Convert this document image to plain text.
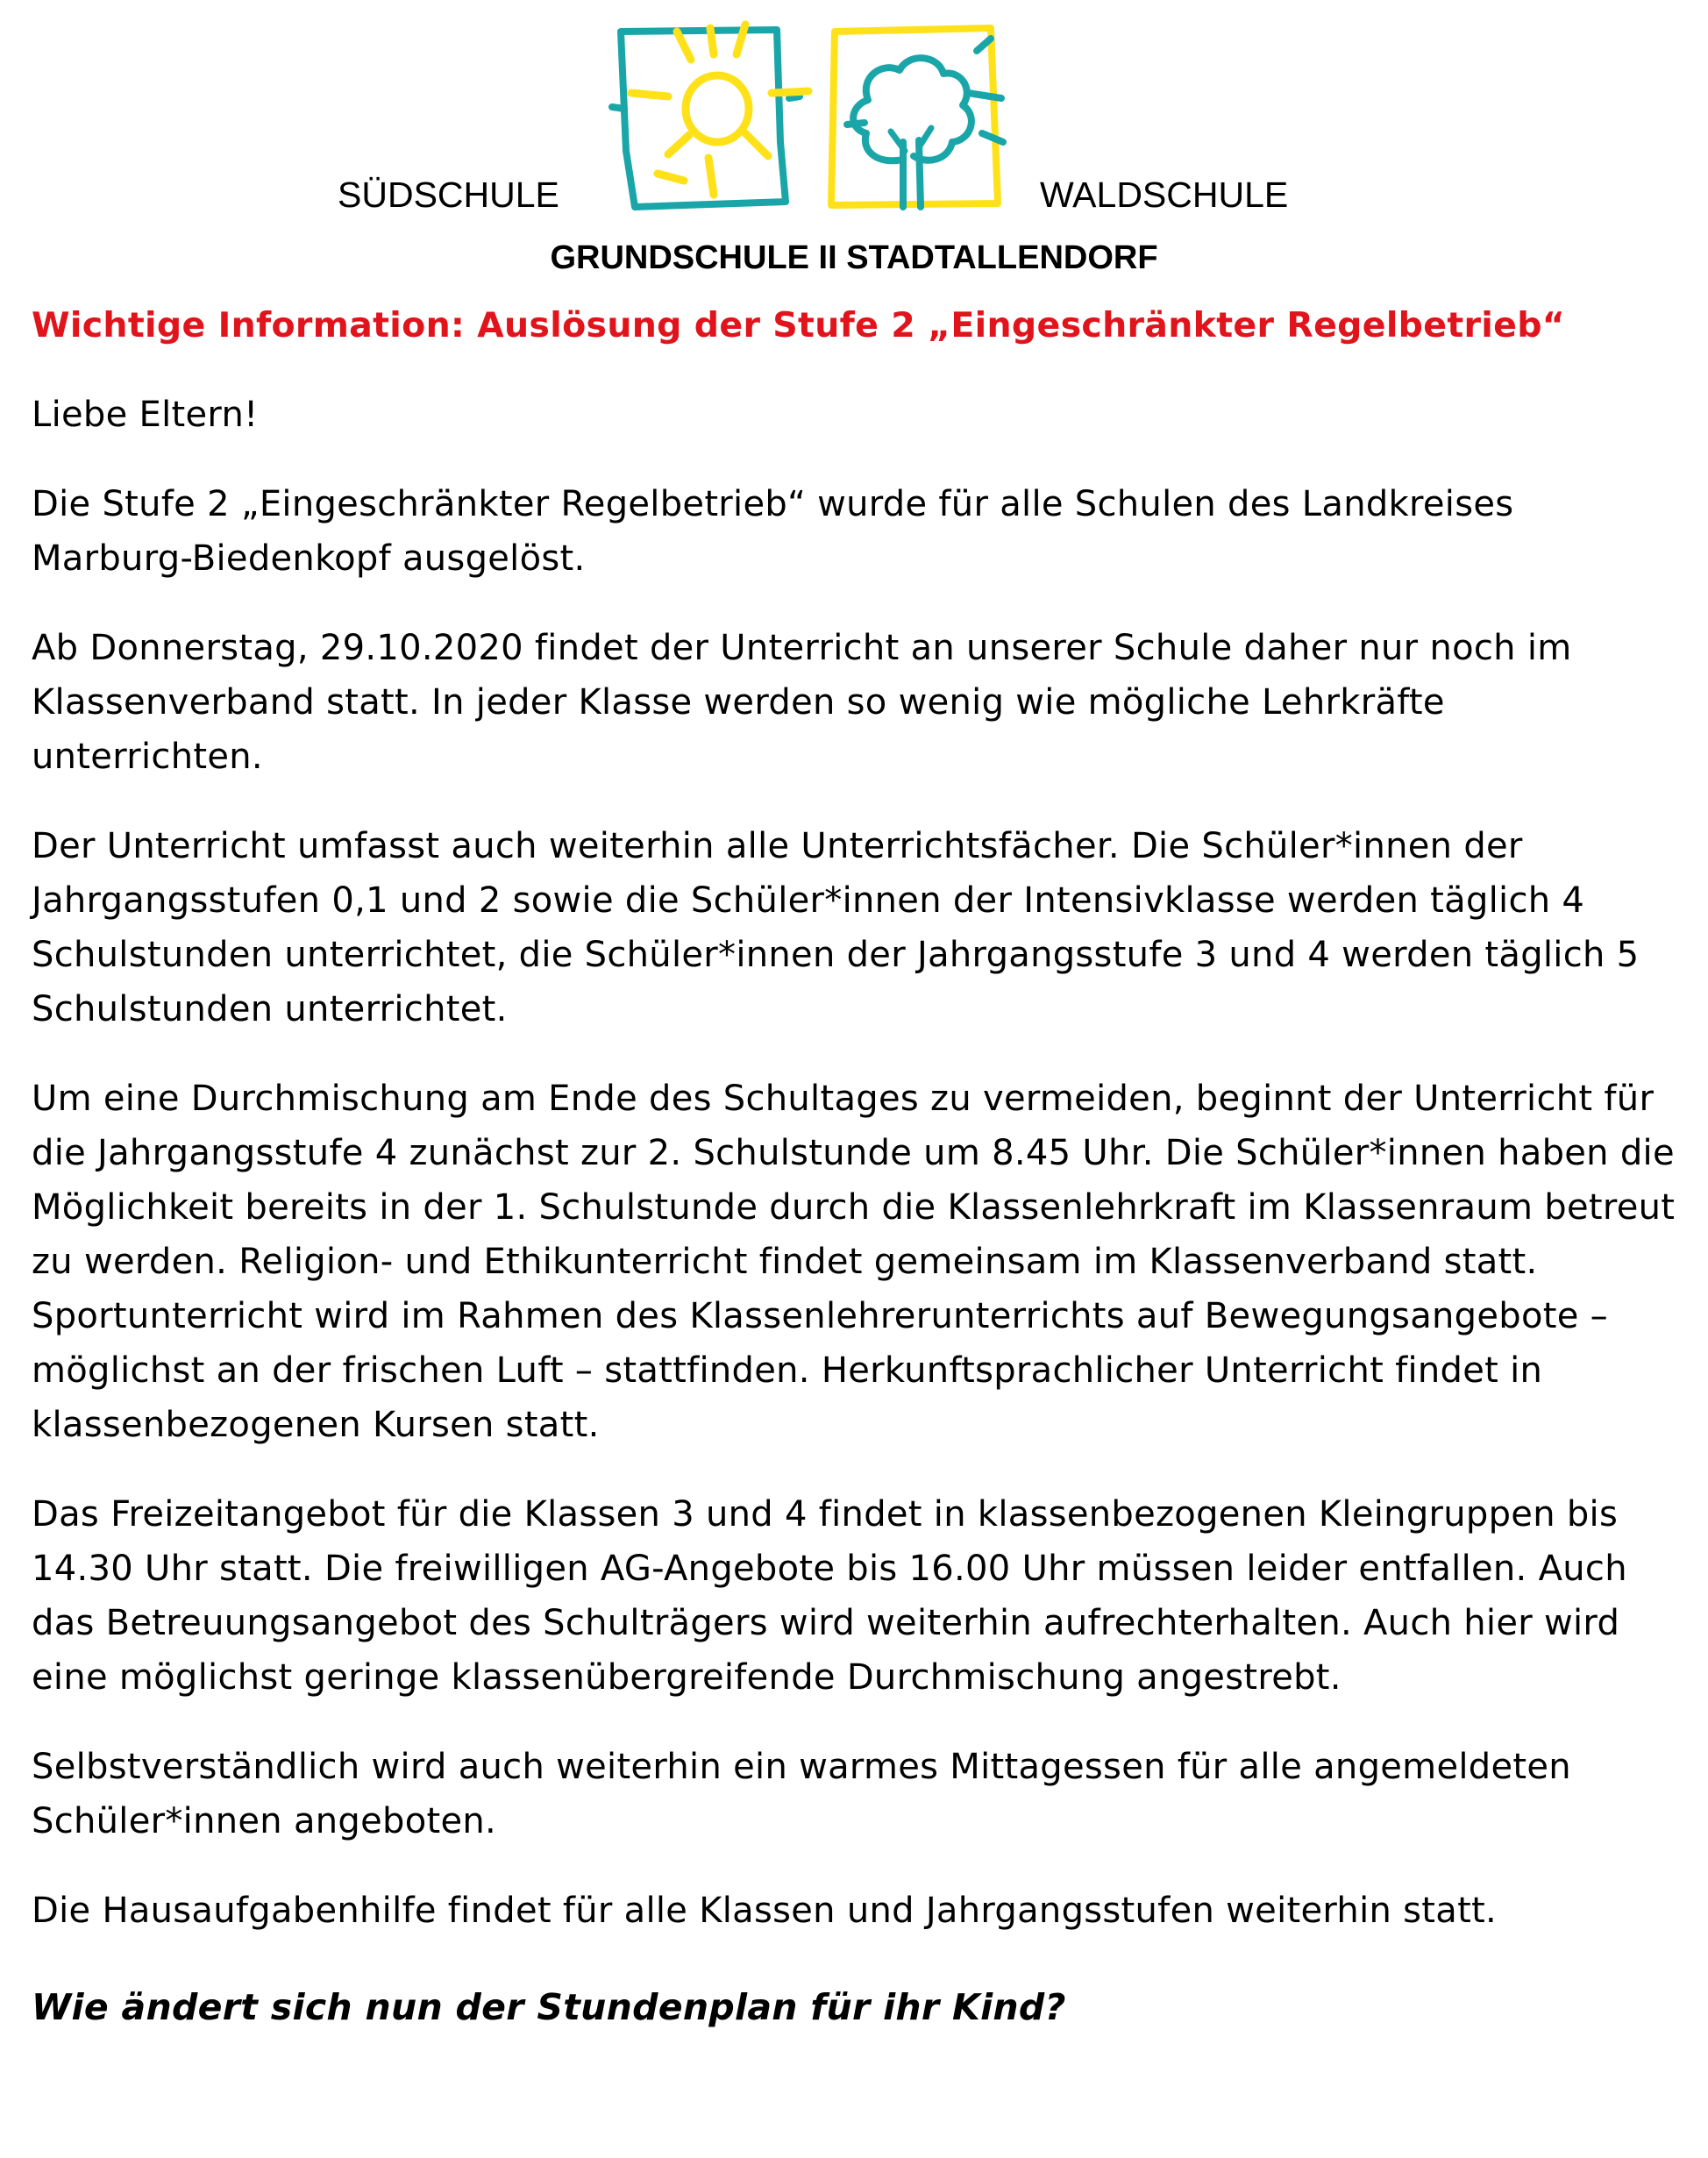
SÜDSCHULE	WALDSCHULE
GRUNDSCHULE II STADTALLENDORF

Wichtige Information: Auslösung der Stufe 2 „Eingeschränkter Regelbetrieb“

Liebe Eltern!

Die Stufe 2 „Eingeschränkter Regelbetrieb“ wurde für alle Schulen des Landkreises Marburg-Biedenkopf ausgelöst.

Ab Donnerstag, 29.10.2020 findet der Unterricht an unserer Schule daher nur noch im Klassenverband statt. In jeder Klasse werden so wenig wie mögliche Lehrkräfte unterrichten.

Der Unterricht umfasst auch weiterhin alle Unterrichtsfächer. Die Schüler*innen der Jahrgangsstufen 0,1 und 2 sowie die Schüler*innen der Intensivklasse werden täglich 4 Schulstunden unterrichtet, die Schüler*innen der Jahrgangsstufe 3 und 4 werden täglich 5 Schulstunden unterrichtet.

Um eine Durchmischung am Ende des Schultages zu vermeiden, beginnt der Unterricht für die Jahrgangsstufe 4 zunächst zur 2. Schulstunde um 8.45 Uhr. Die Schüler*innen haben die Möglichkeit bereits in der 1. Schulstunde durch die Klassenlehrkraft im Klassenraum betreut zu werden. Religion- und Ethikunterricht findet gemeinsam im Klassenverband statt. Sportunterricht wird im Rahmen des Klassenlehrerunterrichts auf Bewegungsangebote – möglichst an der frischen Luft – stattfinden. Herkunftsprachlicher Unterricht findet in klassenbezogenen Kursen statt.

Das Freizeitangebot für die Klassen 3 und 4 findet in klassenbezogenen Kleingruppen bis 14.30 Uhr statt. Die freiwilligen AG-Angebote bis 16.00 Uhr müssen leider entfallen. Auch das Betreuungsangebot des Schulträgers wird weiterhin aufrechterhalten. Auch hier wird eine möglichst geringe klassenübergreifende Durchmischung angestrebt.

Selbstverständlich wird auch weiterhin ein warmes Mittagessen für alle angemeldeten Schüler*innen angeboten.

Die Hausaufgabenhilfe findet für alle Klassen und Jahrgangsstufen weiterhin statt.

Wie ändert sich nun der Stundenplan für ihr Kind?
